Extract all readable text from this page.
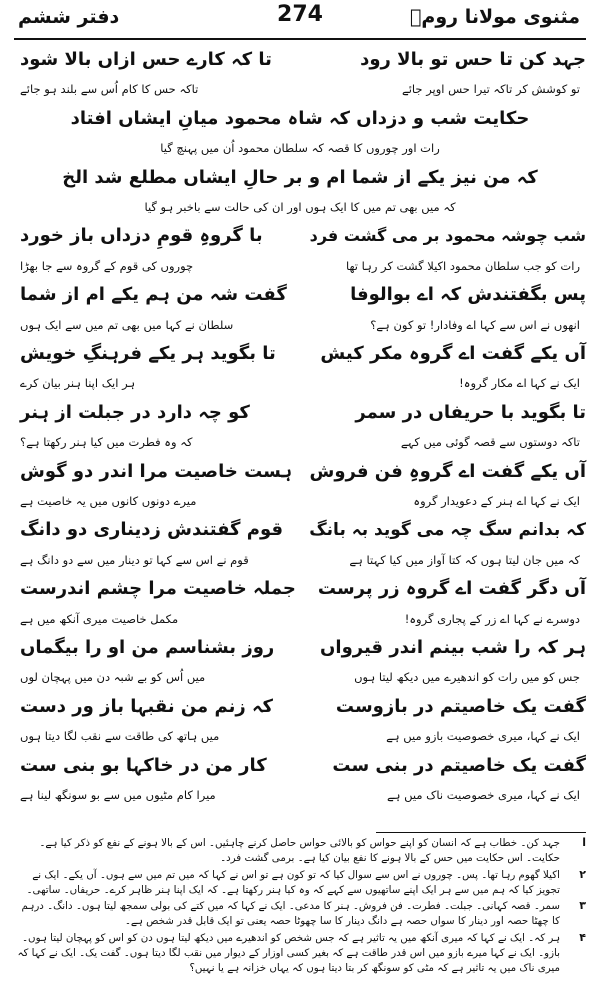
مثنوی مولانا رومؒ
274
دفتر ششم
جہد کن تا حس تو بالا رود
تا کہ کارے حس ازاں بالا شود
تو کوشش کر تاکہ تیرا حس اوپر جائے
تاکہ حس کا کام اُس سے بلند ہو جائے
حکایت شب و دزداں کہ شاہ محمود میانِ ایشاں افتاد
رات اور چوروں کا قصہ کہ سلطان محمود اُن میں پہنچ گیا
کہ من نیز یکے از شما ام و بر حالِ ایشاں مطلع شد الخ
کہ میں بھی تم میں کا ایک ہوں اور ان کی حالت سے باخبر ہو گیا
شب چوشہ محمود بر می گشت فرد
با گروہِ قومِ دزداں باز خورد
رات کو جب سلطان محمود اکیلا گشت کر رہا تھا
چوروں کی قوم کے گروہ سے جا بھڑا
پس بگفتندش کہ اے بوالوفا
گفت شہ من ہم یکے ام از شما
انھوں نے اس سے کہا اے وفادار! تو کون ہے؟
سلطان نے کہا میں بھی تم میں سے ایک ہوں
آں یکے گفت اے گروہ مکر کیش
تا بگوید ہر یکے فرہنگِ خویش
ایک نے کہا اے مکار گروہ!
ہر ایک اپنا ہنر بیان کرے
تا بگوید با حریفاں در سمر
کو چہ دارد در جبلت از ہنر
تاکہ دوستوں سے قصہ گوئی میں کہے
کہ وہ فطرت میں کیا ہنر رکھتا ہے؟
آں یکے گفت اے گروہِ فن فروش
ہست خاصیت مرا اندر دو گوش
ایک نے کہا اے ہنر کے دعویدار گروہ
میرے دونوں کانوں میں یہ خاصیت ہے
کہ بدانم سگ چہ می گوید بہ بانگ
قوم گفتندش زدیناری دو دانگ
کہ میں جان لیتا ہوں کہ کتا آواز میں کیا کہتا ہے
قوم نے اس سے کہا تو دینار میں سے دو دانگ ہے
آں دگر گفت اے گروہ زر پرست
جملہ خاصیت مرا چشم اندرست
دوسرے نے کہا اے زر کے پجاری گروہ!
مکمل خاصیت میری آنکھ میں ہے
ہر کہ را شب بینم اندر قیرواں
روز بشناسم من او را بیگماں
جس کو میں رات کو اندھیرے میں دیکھ لیتا ہوں
میں اُس کو بے شبہ دن میں پہچان لوں
گفت یک خاصیتم در بازوست
کہ زنم من نقبہا باز ور دست
ایک نے کہا، میری خصوصیت بازو میں ہے
میں ہاتھ کی طاقت سے نقب لگا دیتا ہوں
گفت یک خاصیتم در بنی ست
کار من در خاکہا بو بنی ست
ایک نے کہا، میری خصوصیت ناک میں ہے
میرا کام مٹیوں میں سے بو سونگھ لینا ہے
ا
جہد کن۔ خطاب ہے کہ انسان کو اپنے حواس کو بالائی حواس حاصل کرنے چاہئیں۔ اس کے بالا ہونے کے نفع کو ذکر کیا ہے۔ حکایت۔ اس حکایت میں حس کے بالا ہونے کا نفع بیان کیا ہے۔ برمی گشت فرد۔
۲
اکیلا گھوم رہا تھا۔ پس۔ چوروں نے اس سے سوال کیا کہ تو کون ہے تو اس نے کہا کہ میں تم میں سے ہوں۔ آں یکے۔ ایک نے تجویز کیا کہ ہم میں سے ہر ایک اپنے ساتھیوں سے کہے کہ وہ کیا ہنر رکھتا ہے۔ کہ ایک اپنا ہنر ظاہر کرے۔ حریفاں۔ ساتھی۔
۳
سمر۔ قصہ کہانی۔ جبلت۔ فطرت۔ فن فروش۔ ہنر کا مدعی۔ ایک نے کہا کہ میں کتے کی بولی سمجھ لیتا ہوں۔ دانگ۔ درہم کا چھٹا حصہ اور دینار کا سواں حصہ ہے دانگ دینار کا سا چھوٹا حصہ یعنی تو ایک قابل قدر شخص ہے۔
۴
ہر کہ۔ ایک نے کہا کہ میری آنکھ میں یہ تاثیر ہے کہ جس شخص کو اندھیرے میں دیکھ لیتا ہوں دن کو اس کو پہچان لیتا ہوں۔ بازو۔ ایک نے کہا میرے بازو میں اس قدر طاقت ہے کہ بغیر کسی اوزار کے دیوار میں نقب لگا دیتا ہوں۔ گفت یک۔ ایک نے کہا کہ میری ناک میں یہ تاثیر ہے کہ مٹی کو سونگھ کر بتا دیتا ہوں کہ یہاں خزانہ ہے یا نہیں؟
